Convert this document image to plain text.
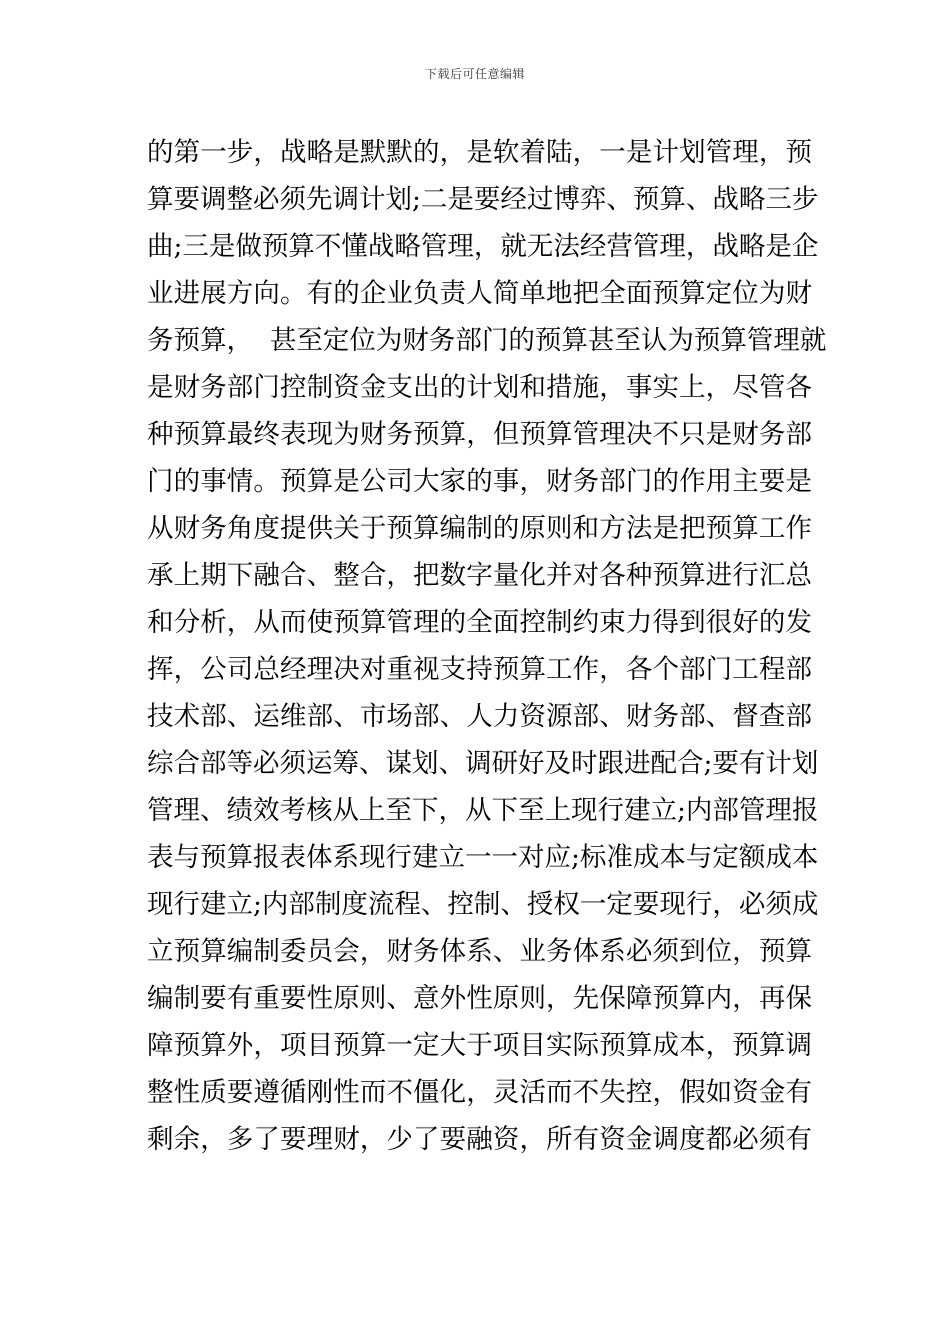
下载后可任意编辑
的第一步，战略是默默的，是软着陆，一是计划管理，预
算要调整必须先调计划;二是要经过博弈、预算、战略三步
曲;三是做预算不懂战略管理，就无法经营管理，战略是企
业进展方向。有的企业负责人简单地把全面预算定位为财
务预算，  甚至定位为财务部门的预算甚至认为预算管理就
是财务部门控制资金支出的计划和措施，事实上，尽管各
种预算最终表现为财务预算，但预算管理决不只是财务部
门的事情。预算是公司大家的事，财务部门的作用主要是
从财务角度提供关于预算编制的原则和方法是把预算工作
承上期下融合、整合，把数字量化并对各种预算进行汇总
和分析，从而使预算管理的全面控制约束力得到很好的发
挥，公司总经理决对重视支持预算工作，各个部门工程部
技术部、运维部、市场部、人力资源部、财务部、督查部
综合部等必须运筹、谋划、调研好及时跟进配合;要有计划
管理、绩效考核从上至下，从下至上现行建立;内部管理报
表与预算报表体系现行建立一一对应;标准成本与定额成本
现行建立;内部制度流程、控制、授权一定要现行，必须成
立预算编制委员会，财务体系、业务体系必须到位，预算
编制要有重要性原则、意外性原则，先保障预算内，再保
障预算外，项目预算一定大于项目实际预算成本，预算调
整性质要遵循刚性而不僵化，灵活而不失控，假如资金有
剩余，多了要理财，少了要融资，所有资金调度都必须有
